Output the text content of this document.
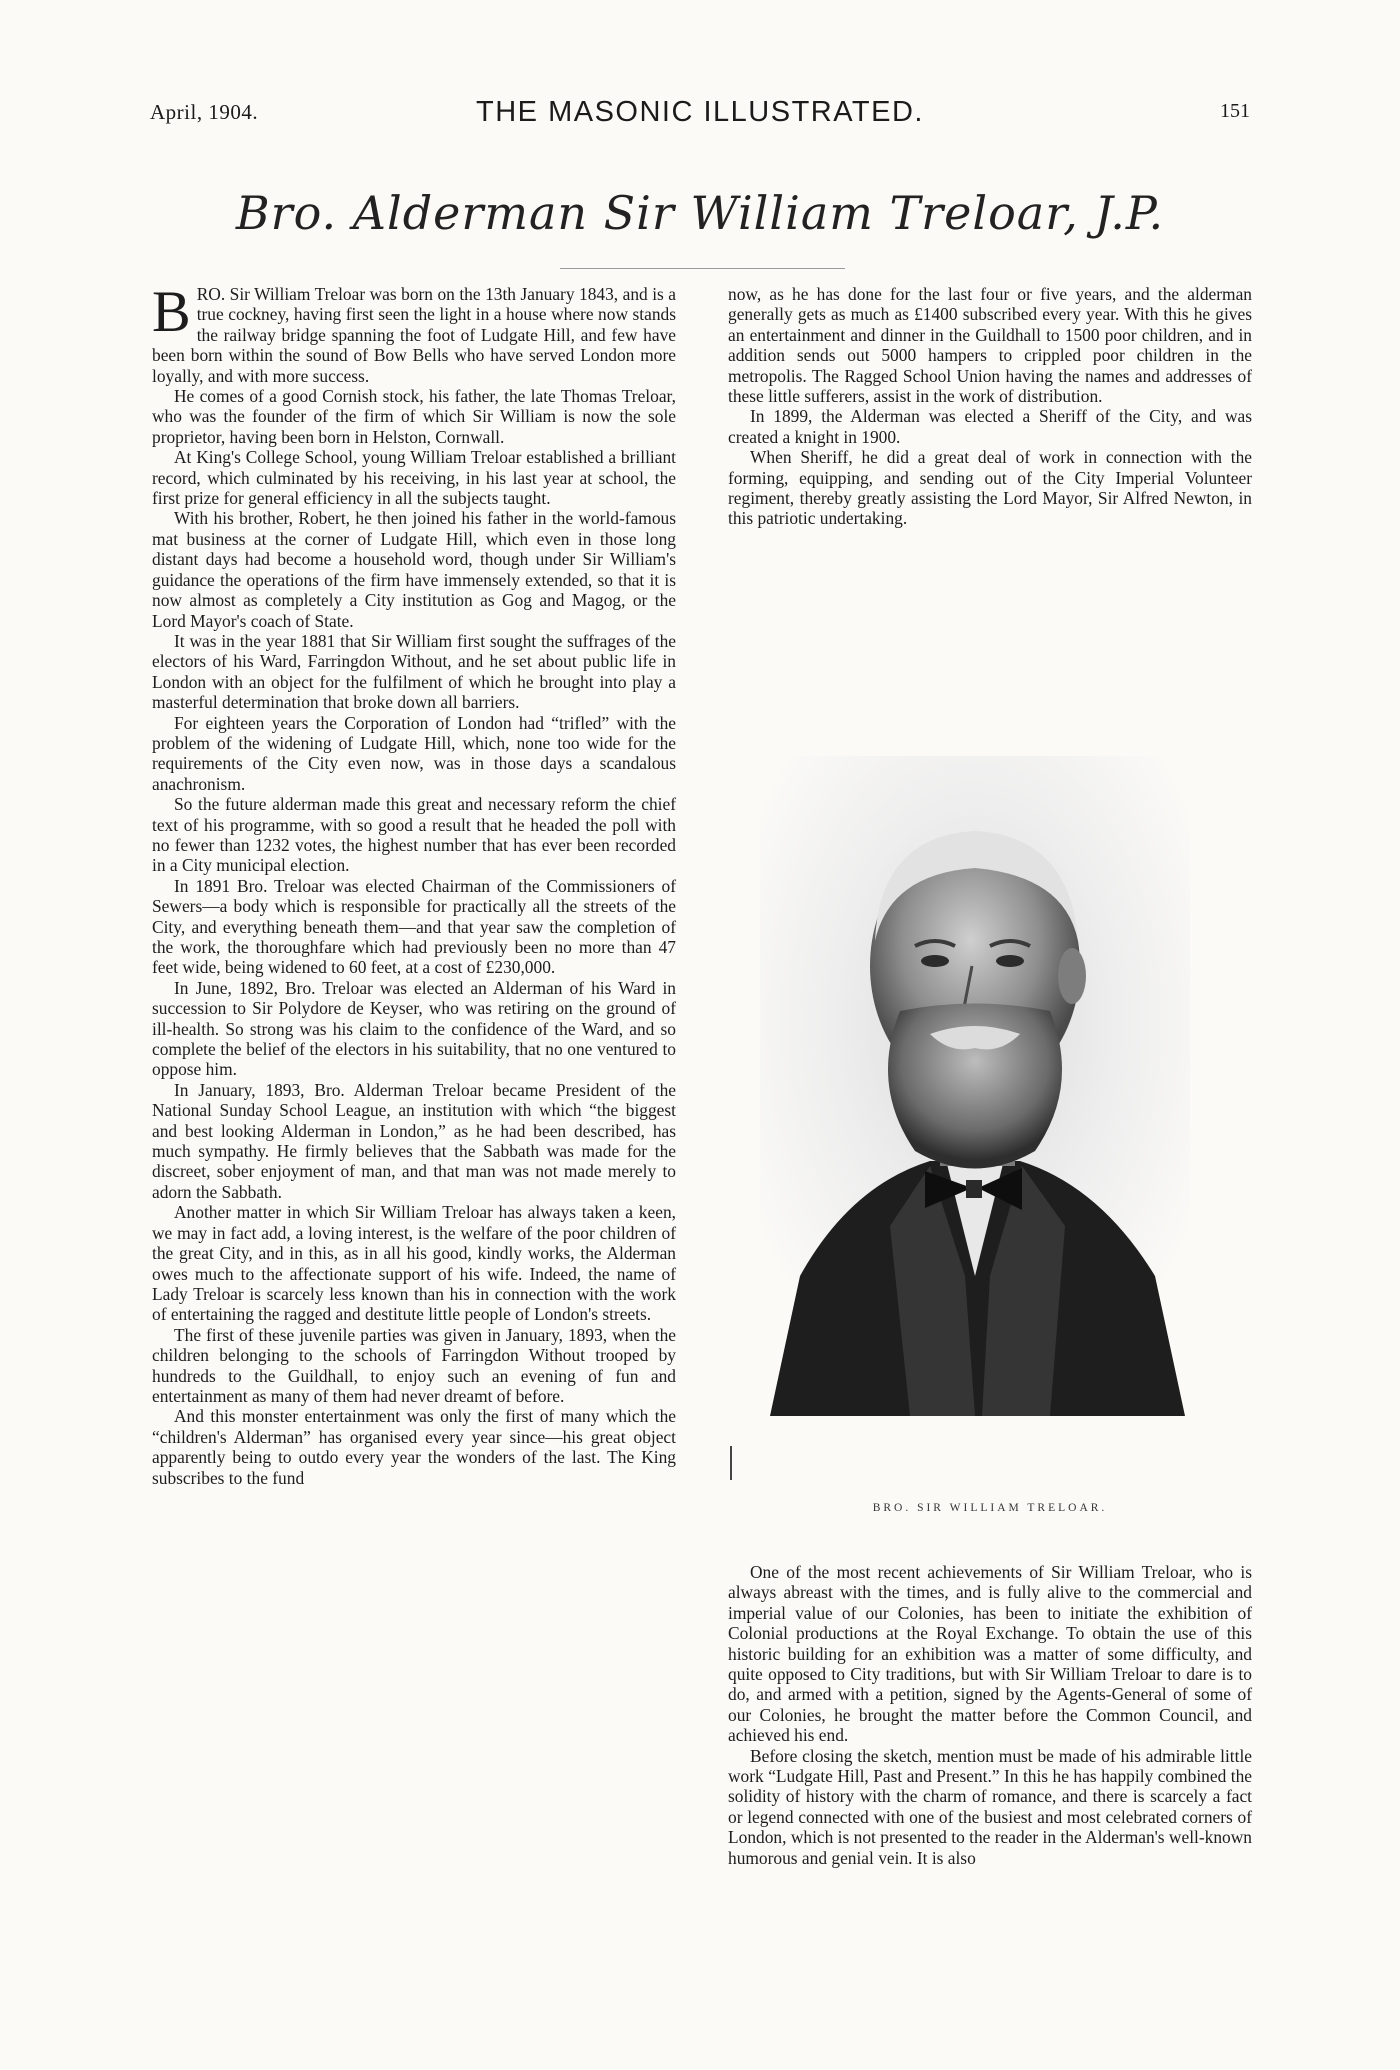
April, 1904.	THE MASONIC ILLUSTRATED.	151
Bro. Alderman Sir William Treloar, J.P.

BRO. Sir William Treloar was born on the 13th January 1843, and is a true cockney, having first seen the light in a house where now stands the railway bridge spanning the foot of Ludgate Hill, and few have been born within the sound of Bow Bells who have served London more loyally, and with more success.

He comes of a good Cornish stock, his father, the late Thomas Treloar, who was the founder of the firm of which Sir William is now the sole proprietor, having been born in Helston, Cornwall.

At King's College School, young William Treloar established a brilliant record, which culminated by his receiving, in his last year at school, the first prize for general efficiency in all the subjects taught.

With his brother, Robert, he then joined his father in the world-famous mat business at the corner of Ludgate Hill, which even in those long distant days had become a household word, though under Sir William's guidance the operations of the firm have immensely extended, so that it is now almost as completely a City institution as Gog and Magog, or the Lord Mayor's coach of State.

It was in the year 1881 that Sir William first sought the suffrages of the electors of his Ward, Farringdon Without, and he set about public life in London with an object for the fulfilment of which he brought into play a masterful determination that broke down all barriers.

For eighteen years the Corporation of London had “trifled” with the problem of the widening of Ludgate Hill, which, none too wide for the requirements of the City even now, was in those days a scandalous anachronism.

So the future alderman made this great and necessary reform the chief text of his programme, with so good a result that he headed the poll with no fewer than 1232 votes, the highest number that has ever been recorded in a City municipal election.

In 1891 Bro. Treloar was elected Chairman of the Commissioners of Sewers—a body which is responsible for practically all the streets of the City, and everything beneath them—and that year saw the completion of the work, the thoroughfare which had previously been no more than 47 feet wide, being widened to 60 feet, at a cost of £230,000.

In June, 1892, Bro. Treloar was elected an Alderman of his Ward in succession to Sir Polydore de Keyser, who was retiring on the ground of ill-health. So strong was his claim to the confidence of the Ward, and so complete the belief of the electors in his suitability, that no one ventured to oppose him.

In January, 1893, Bro. Alderman Treloar became President of the National Sunday School League, an institution with which “the biggest and best looking Alderman in London,” as he had been described, has much sympathy. He firmly believes that the Sabbath was made for the discreet, sober enjoyment of man, and that man was not made merely to adorn the Sabbath.

Another matter in which Sir William Treloar has always taken a keen, we may in fact add, a loving interest, is the welfare of the poor children of the great City, and in this, as in all his good, kindly works, the Alderman owes much to the affectionate support of his wife. Indeed, the name of Lady Treloar is scarcely less known than his in connection with the work of entertaining the ragged and destitute little people of London's streets.

The first of these juvenile parties was given in January, 1893, when the children belonging to the schools of Farringdon Without trooped by hundreds to the Guildhall, to enjoy such an evening of fun and entertainment as many of them had never dreamt of before.

And this monster entertainment was only the first of many which the “children's Alderman” has organised every year since—his great object apparently being to outdo every year the wonders of the last. The King subscribes to the fund

now, as he has done for the last four or five years, and the alderman generally gets as much as £1400 subscribed every year. With this he gives an entertainment and dinner in the Guildhall to 1500 poor children, and in addition sends out 5000 hampers to crippled poor children in the metropolis. The Ragged School Union having the names and addresses of these little sufferers, assist in the work of distribution.

In 1899, the Alderman was elected a Sheriff of the City, and was created a knight in 1900.

When Sheriff, he did a great deal of work in connection with the forming, equipping, and sending out of the City Imperial Volunteer regiment, thereby greatly assisting the Lord Mayor, Sir Alfred Newton, in this patriotic undertaking.

BRO. SIR WILLIAM TRELOAR.

One of the most recent achievements of Sir William Treloar, who is always abreast with the times, and is fully alive to the commercial and imperial value of our Colonies, has been to initiate the exhibition of Colonial productions at the Royal Exchange. To obtain the use of this historic building for an exhibition was a matter of some difficulty, and quite opposed to City traditions, but with Sir William Treloar to dare is to do, and armed with a petition, signed by the Agents-General of some of our Colonies, he brought the matter before the Common Council, and achieved his end.

Before closing the sketch, mention must be made of his admirable little work “Ludgate Hill, Past and Present.” In this he has happily combined the solidity of history with the charm of romance, and there is scarcely a fact or legend connected with one of the busiest and most celebrated corners of London, which is not presented to the reader in the Alderman's well-known humorous and genial vein. It is also
